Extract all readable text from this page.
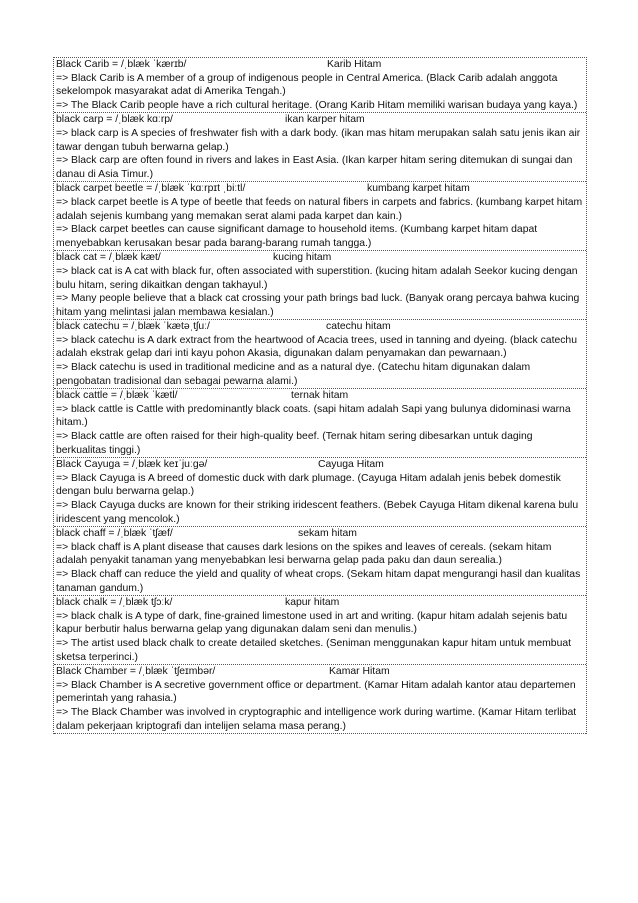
Black Carib = /ˌblæk ˈkærɪb/	Karib Hitam

=> Black Carib is A member of a group of indigenous people in Central America. (Black Carib adalah anggota sekelompok masyarakat adat di Amerika Tengah.)

=> The Black Carib people have a rich cultural heritage. (Orang Karib Hitam memiliki warisan budaya yang kaya.)

black carp = /ˌblæk kɑːrp/	ikan karper hitam

=> black carp is A species of freshwater fish with a dark body. (ikan mas hitam merupakan salah satu jenis ikan air tawar dengan tubuh berwarna gelap.)

=> Black carp are often found in rivers and lakes in East Asia. (Ikan karper hitam sering ditemukan di sungai dan danau di Asia Timur.)

black carpet beetle = /ˌblæk ˈkɑːrpɪt ˌbiːtl/	kumbang karpet hitam

=> black carpet beetle is A type of beetle that feeds on natural fibers in carpets and fabrics. (kumbang karpet hitam adalah sejenis kumbang yang memakan serat alami pada karpet dan kain.)

=> Black carpet beetles can cause significant damage to household items. (Kumbang karpet hitam dapat menyebabkan kerusakan besar pada barang-barang rumah tangga.)

black cat = /ˌblæk kæt/	kucing hitam

=> black cat is A cat with black fur, often associated with superstition. (kucing hitam adalah Seekor kucing dengan bulu hitam, sering dikaitkan dengan takhayul.)

=> Many people believe that a black cat crossing your path brings bad luck. (Banyak orang percaya bahwa kucing hitam yang melintasi jalan membawa kesialan.)

black catechu = /ˌblæk ˈkætəˌtʃuː/	catechu hitam

=> black catechu is A dark extract from the heartwood of Acacia trees, used in tanning and dyeing. (black catechu adalah ekstrak gelap dari inti kayu pohon Akasia, digunakan dalam penyamakan dan pewarnaan.)

=> Black catechu is used in traditional medicine and as a natural dye. (Catechu hitam digunakan dalam pengobatan tradisional dan sebagai pewarna alami.)

black cattle = /ˌblæk ˈkætl/	ternak hitam

=> black cattle is Cattle with predominantly black coats. (sapi hitam adalah Sapi yang bulunya didominasi warna hitam.)

=> Black cattle are often raised for their high-quality beef. (Ternak hitam sering dibesarkan untuk daging berkualitas tinggi.)

Black Cayuga = /ˌblæk keɪˈjuːɡə/	Cayuga Hitam

=> Black Cayuga is A breed of domestic duck with dark plumage. (Cayuga Hitam adalah jenis bebek domestik dengan bulu berwarna gelap.)

=> Black Cayuga ducks are known for their striking iridescent feathers. (Bebek Cayuga Hitam dikenal karena bulu iridescent yang mencolok.)

black chaff = /ˌblæk ˈtʃæf/	sekam hitam

=> black chaff is A plant disease that causes dark lesions on the spikes and leaves of cereals. (sekam hitam adalah penyakit tanaman yang menyebabkan lesi berwarna gelap pada paku dan daun serealia.)

=> Black chaff can reduce the yield and quality of wheat crops. (Sekam hitam dapat mengurangi hasil dan kualitas tanaman gandum.)

black chalk = /ˌblæk tʃɔːk/	kapur hitam

=> black chalk is A type of dark, fine-grained limestone used in art and writing. (kapur hitam adalah sejenis batu kapur berbutir halus berwarna gelap yang digunakan dalam seni dan menulis.)

=> The artist used black chalk to create detailed sketches. (Seniman menggunakan kapur hitam untuk membuat sketsa terperinci.)

Black Chamber = /ˌblæk ˈtʃeɪmbər/	Kamar Hitam

=> Black Chamber is A secretive government office or department. (Kamar Hitam adalah kantor atau departemen pemerintah yang rahasia.)

=> The Black Chamber was involved in cryptographic and intelligence work during wartime. (Kamar Hitam terlibat dalam pekerjaan kriptografi dan intelijen selama masa perang.)
